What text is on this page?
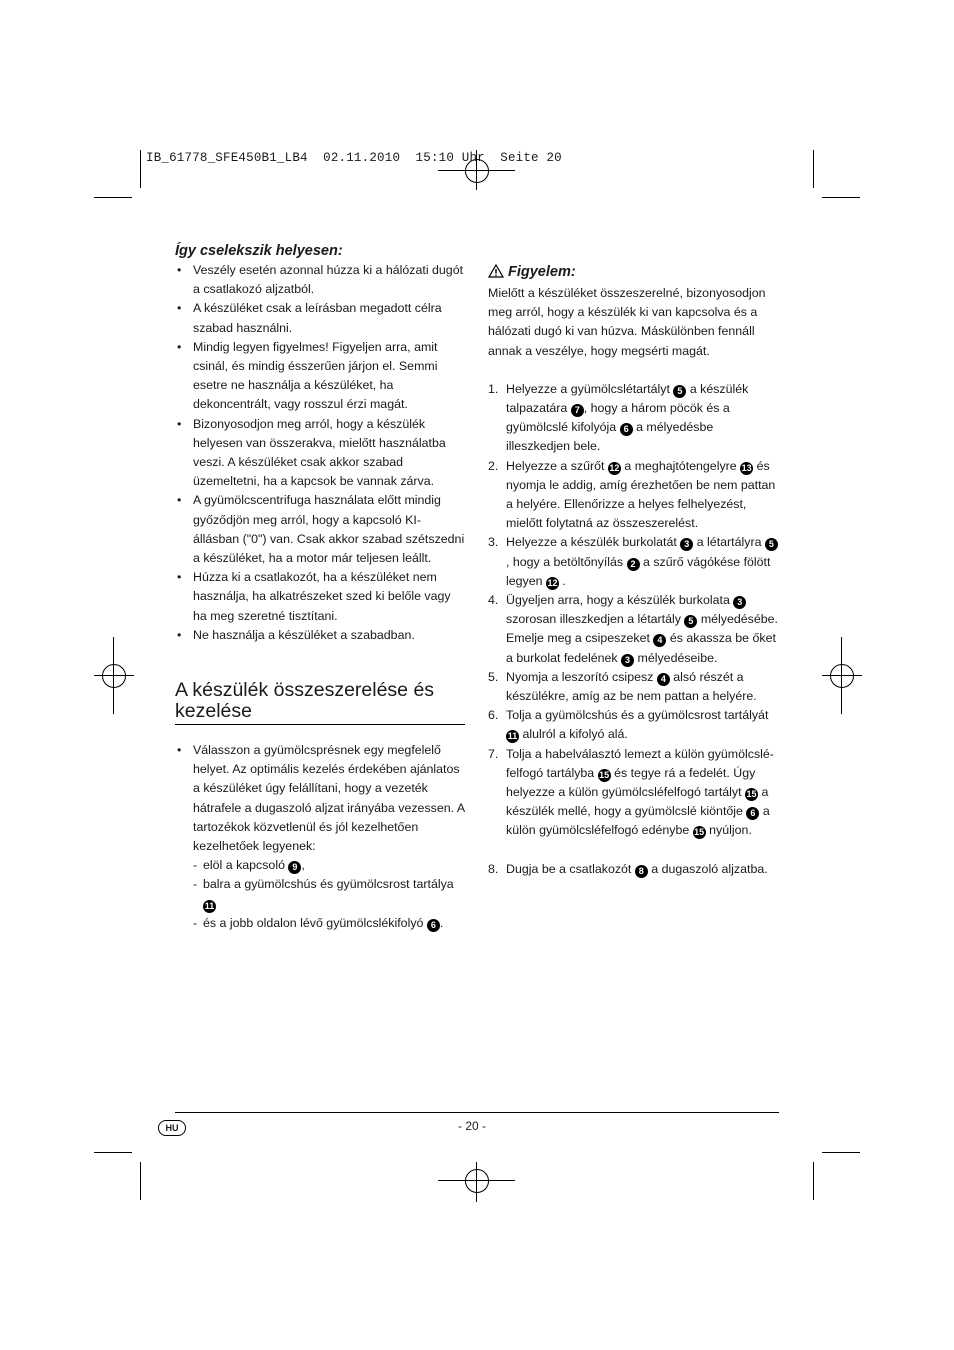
IB_61778_SFE450B1_LB4  02.11.2010  15:10 Uhr  Seite 20
Így cselekszik helyesen:
• Veszély esetén azonnal húzza ki a hálózati dugót a csatlakozó aljzatból.
• A készüléket csak a leírásban megadott célra szabad használni.
• Mindig legyen figyelmes! Figyeljen arra, amit csinál, és mindig ésszerűen járjon el. Semmi esetre ne használja a készüléket, ha dekoncentrált, vagy rosszul érzi magát.
• Bizonyosodjon meg arról, hogy a készülék helyesen van összerakva, mielőtt használatba veszi. A készüléket csak akkor szabad üzemeltetni, ha a kapcsok be vannak zárva.
• A gyümölcscentrifuga használata előtt mindig győződjön meg arról, hogy a kapcsoló KI-állásban ("0") van. Csak akkor szabad szétszedni a készüléket, ha a motor már teljesen leállt.
• Húzza ki a csatlakozót, ha a készüléket nem használja, ha alkatrészeket szed ki belőle vagy ha meg szeretné tisztítani.
• Ne használja a készüléket a szabadban.
A készülék összeszerelése és kezelése
• Válasszon a gyümölcsprésnek egy megfelelő helyet. Az optimális kezelés érdekében ajánlatos a készüléket úgy felállítani, hogy a vezeték hátrafele a dugaszoló aljzat irányába vezessen. A tartozékok közvetlenül és jól kezelhetően kezelhetőek legyenek:
- elöl a kapcsoló 9 ,
- balra a gyümölcshús és gyümölcsrost tartálya
11
- és a jobb oldalon lévő gyümölcslékifolyó 6 .
Figyelem:
Mielőtt a készüléket összeszerelné, bizonyosodjon meg arról, hogy a készülék ki van kapcsolva és a hálózati dugó ki van húzva. Máskülönben fennáll annak a veszélye, hogy megsérti magát.
1. Helyezze a gyümölcslétartályt 5 a készülék talpazatára 7 , hogy a három pöcök és a gyümölcslé kifolyója 6 a mélyedésbe illeszkedjen bele.
2. Helyezze a szűrőt 12 a meghajtótengelyre 13 és nyomja le addig, amíg érezhetően be nem pattan a helyére. Ellenőrizze a helyes felhelyezést, mielőtt folytatná az összeszerelést.
3. Helyezze a készülék burkolatát 3 a létartályra 5, hogy a betöltőnyílás 2 a szűrő vágókése fölött legyen 12 .
4. Ügyeljen arra, hogy a készülék burkolata 3 szorosan illeszkedjen a létartály 5 mélyedésébe. Emelje meg a csipeszeket 4 és akassza be őket a burkolat fedelének 3 mélyedéseibe.
5. Nyomja a leszorító csipesz 4 alsó részét a készülékre, amíg az be nem pattan a helyére.
6. Tolja a gyümölcshús és a gyümölcsrost tartályát 11 alulról a kifolyó alá.
7. Tolja a habelválasztó lemezt a külön gyümölcsléfelfogó tartályba 15 és tegye rá a fedelét. Úgy helyezze a külön gyümölcsléfelfogó tartályt 15 a készülék mellé, hogy a gyümölcslé kiöntője 6 a külön gyümölcsléfelfogó edénybe 15 nyúljon.
8. Dugja be a csatlakozót 8 a dugaszoló aljzatba.
HU	- 20 -
